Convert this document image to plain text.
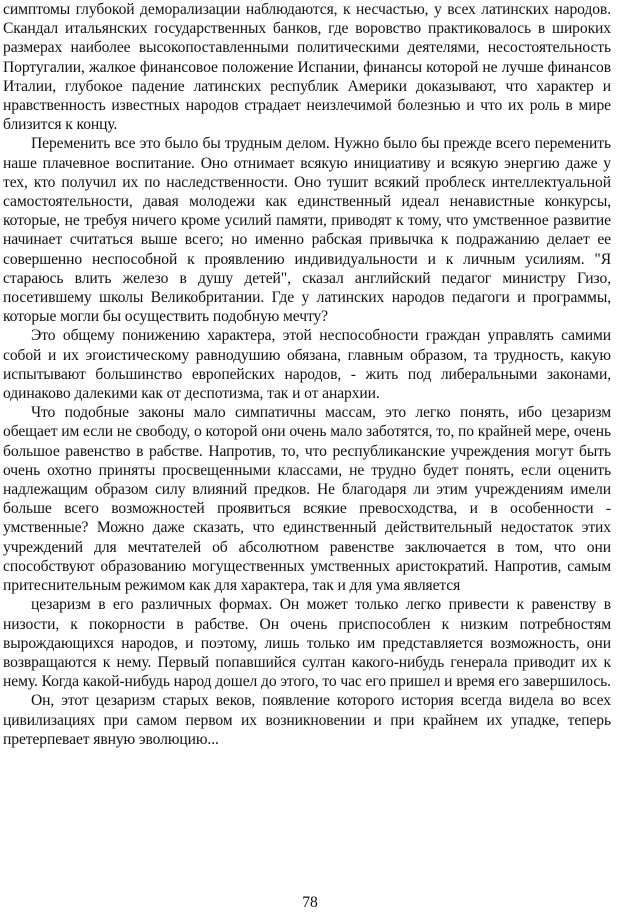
симптомы глубокой деморализации наблюдаются, к несчастью, у всех латинских народов. Скандал итальянских государственных банков, где воровство практиковалось в широких размерах наиболее высокопоставленными политическими деятелями, несостоятельность Португалии, жалкое финансовое положение Испании, финансы которой не лучше финансов Италии, глубокое падение латинских республик Америки доказывают, что характер и нравственность известных народов страдает неизлечимой болезнью и что их роль в мире близится к концу.

Переменить все это было бы трудным делом. Нужно было бы прежде всего переменить наше плачевное воспитание. Оно отнимает всякую инициативу и всякую энергию даже у тех, кто получил их по наследственности. Оно тушит всякий проблеск интеллектуальной самостоятельности, давая молодежи как единственный идеал ненавистные конкурсы, которые, не требуя ничего кроме усилий памяти, приводят к тому, что умственное развитие начинает считаться выше всего; но именно рабская привычка к подражанию делает ее совершенно неспособной к проявлению индивидуальности и к личным усилиям. "Я стараюсь влить железо в душу детей", сказал английский педагог министру Гизо, посетившему школы Великобритании. Где у латинских народов педагоги и программы, которые могли бы осуществить подобную мечту?

Это общему понижению характера, этой неспособности граждан управлять самими собой и их эгоистическому равнодушию обязана, главным образом, та трудность, какую испытывают большинство европейских народов, - жить под либеральными законами, одинаково далекими как от деспотизма, так и от анархии.

Что подобные законы мало симпатичны массам, это легко понять, ибо цезаризм обещает им если не свободу, о которой они очень мало заботятся, то, по крайней мере, очень большое равенство в рабстве. Напротив, то, что республиканские учреждения могут быть очень охотно приняты просвещенными классами, не трудно будет понять, если оценить надлежащим образом силу влияний предков. Не благодаря ли этим учреждениям имели больше всего возможностей проявиться всякие превосходства, и в особенности - умственные? Можно даже сказать, что единственный действительный недостаток этих учреждений для мечтателей об абсолютном равенстве заключается в том, что они способствуют образованию могущественных умственных аристократий. Напротив, самым притеснительным режимом как для характера, так и для ума является

цезаризм в его различных формах. Он может только легко привести к равенству в низости, к покорности в рабстве. Он очень приспособлен к низким потребностям вырождающихся народов, и поэтому, лишь только им представляется возможность, они возвращаются к нему. Первый попавшийся султан какого-нибудь генерала приводит их к нему. Когда какой-нибудь народ дошел до этого, то час его пришел и время его завершилось.

Он, этот цезаризм старых веков, появление которого история всегда видела во всех цивилизациях при самом первом их возникновении и при крайнем их упадке, теперь претерпевает явную эволюцию...

78
